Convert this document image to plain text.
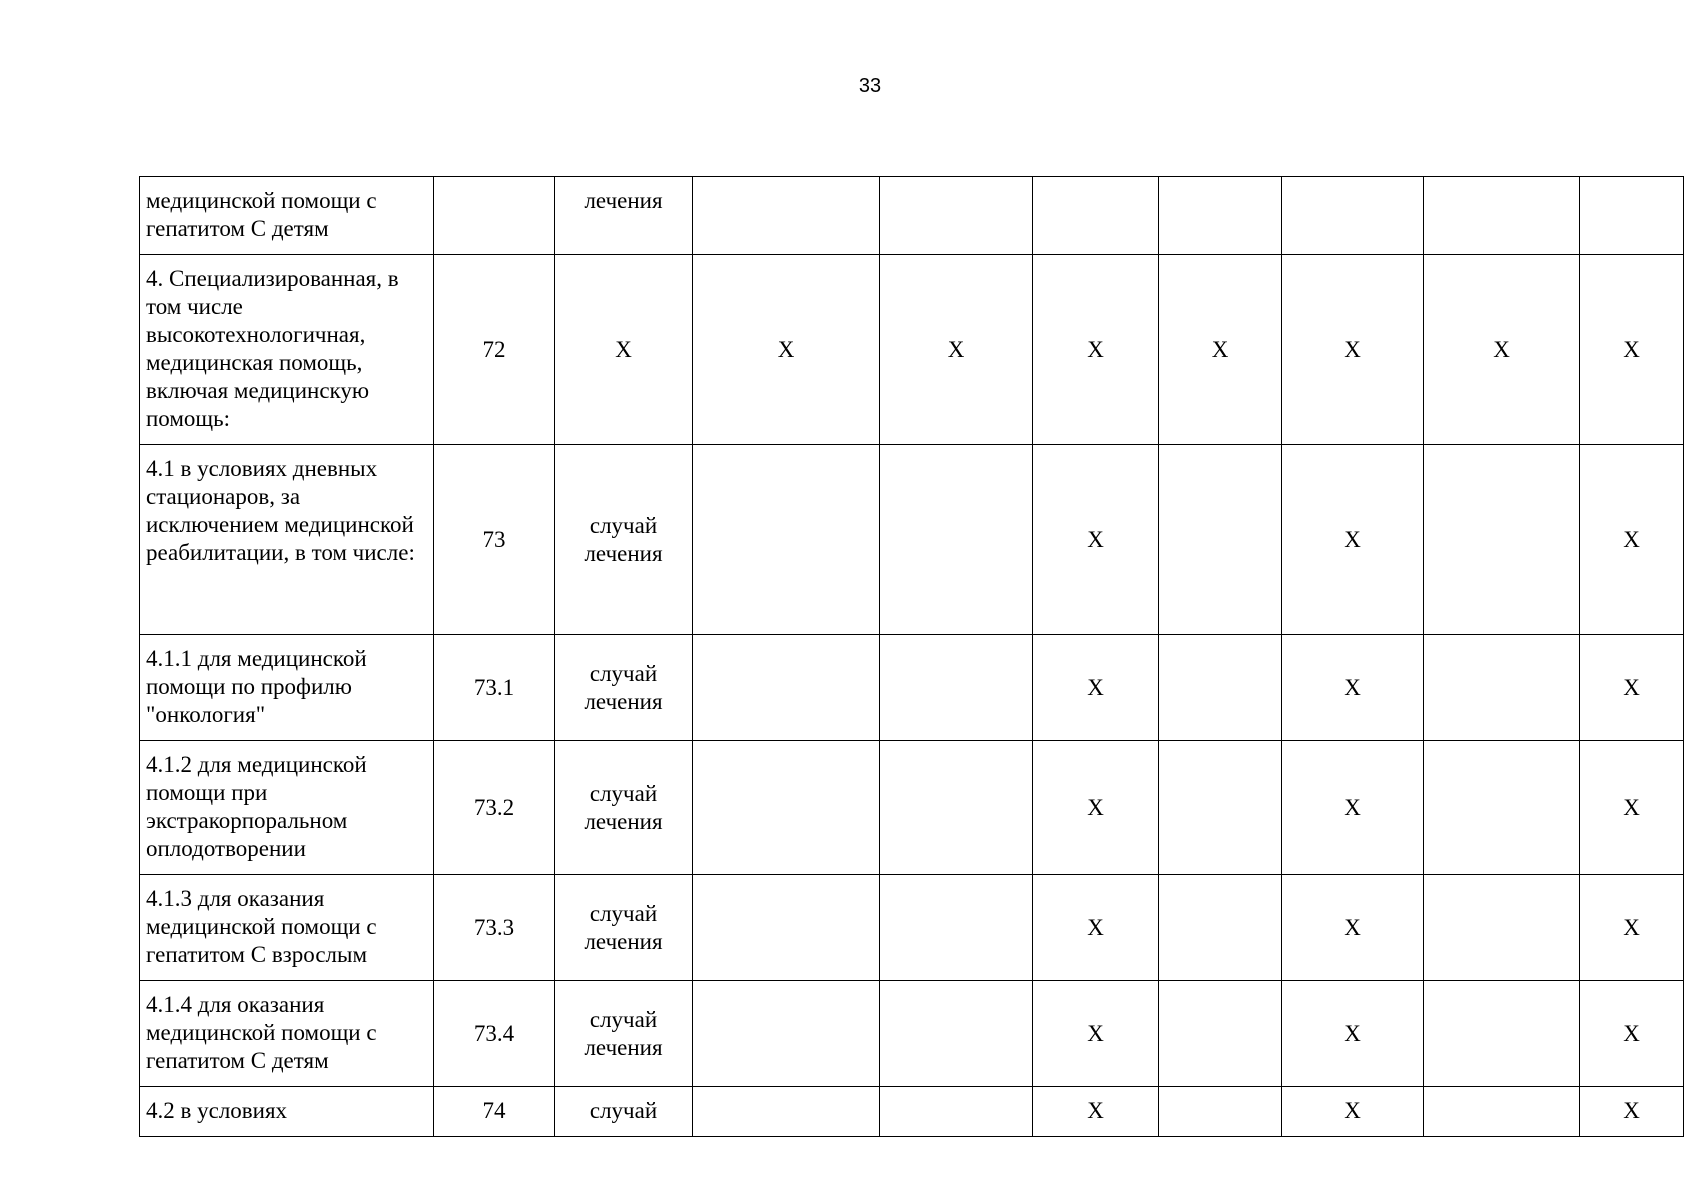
33
медицинской помощи с гепатитом С детям		лечения							
4. Специализированная, в том числе высокотехнологичная, медицинская помощь, включая медицинскую помощь:	72	Х	Х	Х	Х	Х	Х	Х	Х
4.1 в условиях дневных стационаров, за исключением медицинской реабилитации, в том числе:	73	случай лечения			Х		Х		Х
4.1.1 для медицинской помощи по профилю "онкология"	73.1	случай лечения			Х		Х		Х
4.1.2 для медицинской помощи при экстракорпоральном оплодотворении	73.2	случай лечения			Х		Х		Х
4.1.3 для оказания медицинской помощи с гепатитом С взрослым	73.3	случай лечения			Х		Х		Х
4.1.4 для оказания медицинской помощи с гепатитом С детям	73.4	случай лечения			Х		Х		Х
4.2 в условиях	74	случай			Х		Х		Х
